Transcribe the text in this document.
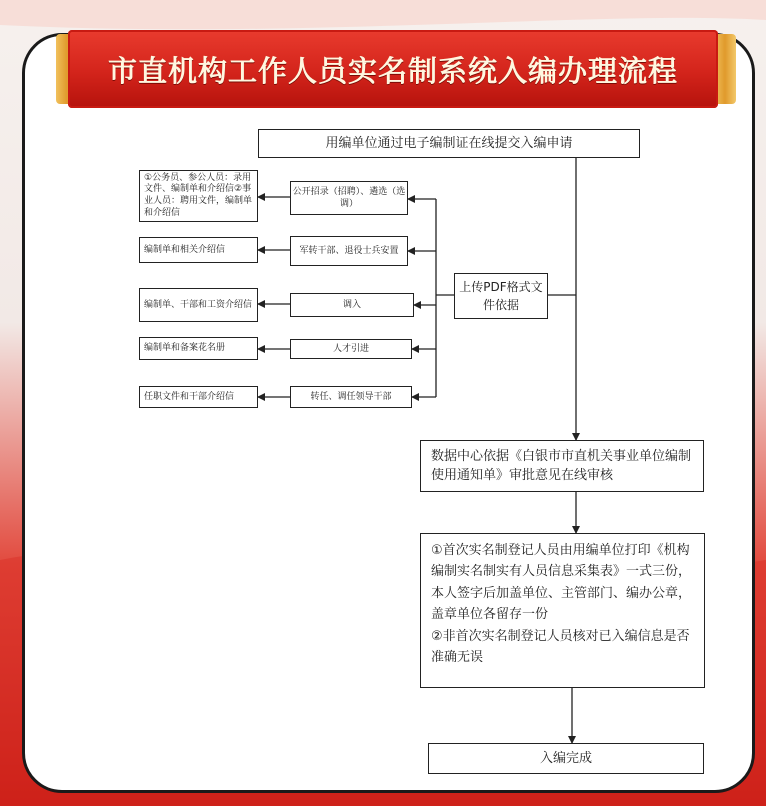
市直机构工作人员实名制系统入编办理流程
用编单位通过电子编制证在线提交入编申请
上传PDF格式文件依据
公开招录（招聘）、遴选（选调）
军转干部、退役士兵安置
调入
人才引进
转任、调任领导干部
①公务员、参公人员：录用文件、编制单和介绍信②事业人员：聘用文件，编制单和介绍信
编制单和相关介绍信
编制单、干部和工资介绍信
编制单和备案花名册
任职文件和干部介绍信
数据中心依据《白银市市直机关事业单位编制使用通知单》审批意见在线审核
①首次实名制登记人员由用编单位打印《机构编制实名制实有人员信息采集表》一式三份，本人签字后加盖单位、主管部门、编办公章，盖章单位各留存一份
②非首次实名制登记人员核对已入编信息是否准确无误
入编完成
